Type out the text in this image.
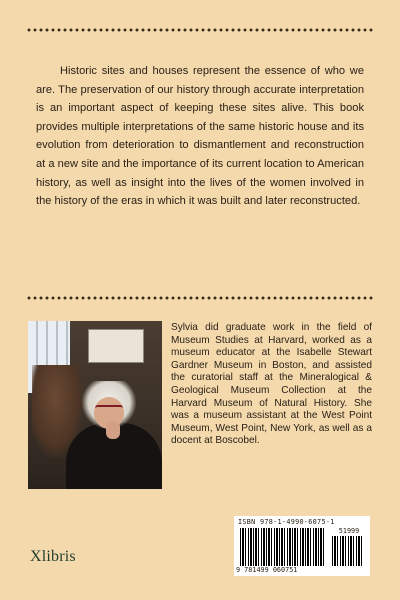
Historic sites and houses represent the essence of who we are. The preservation of our history through accurate interpretation is an important aspect of keeping these sites alive. This book provides multiple interpretations of the same historic house and its evolution from deterioration to dismantlement and reconstruction at a new site and the importance of its current location to American history, as well as insight into the lives of the women involved in the history of the eras in which it was built and later reconstructed.

Sylvia did graduate work in the field of Museum Studies at Harvard, worked as a museum educator at the Isabelle Stewart Gardner Museum in Boston, and assisted the curatorial staff at the Mineralogical & Geological Museum Collection at the Harvard Museum of Natural History. She was a museum assistant at the West Point Museum, West Point, New York, as well as a docent at Boscobel.

Xlibris
ISBN 978-1-4990-6075-1
51999
9 781499 060751
